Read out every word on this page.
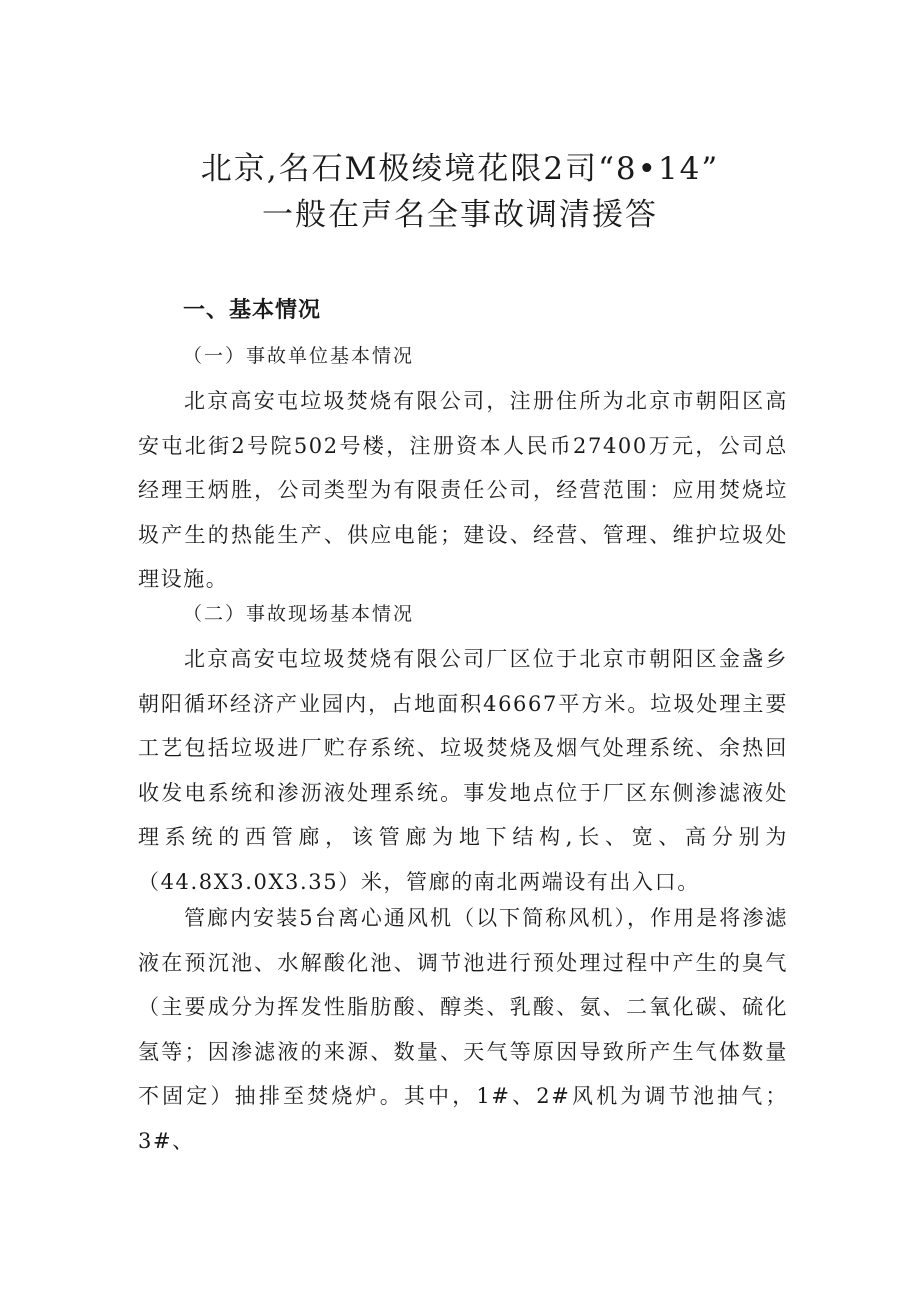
北京,名石M极绫境花限2司“8•14”
一般在声名全事故调清援答
一、基本情况
（一）事故单位基本情况

北京高安屯垃圾焚烧有限公司，注册住所为北京市朝阳区高安屯北街2号院502号楼，注册资本人民币27400万元，公司总经理王炳胜，公司类型为有限责任公司，经营范围：应用焚烧垃圾产生的热能生产、供应电能；建设、经营、管理、维护垃圾处理设施。

（二）事故现场基本情况

北京高安屯垃圾焚烧有限公司厂区位于北京市朝阳区金盏乡朝阳循环经济产业园内，占地面积46667平方米。垃圾处理主要工艺包括垃圾进厂贮存系统、垃圾焚烧及烟气处理系统、余热回收发电系统和渗沥液处理系统。事发地点位于厂区东侧渗滤液处理系统的西管廊，该管廊为地下结构,长、宽、高分别为（44.8X3.0X3.35）米，管廊的南北两端设有出入口。

管廊内安装5台离心通风机（以下简称风机），作用是将渗滤液在预沉池、水解酸化池、调节池进行预处理过程中产生的臭气（主要成分为挥发性脂肪酸、醇类、乳酸、氨、二氧化碳、硫化氢等；因渗滤液的来源、数量、天气等原因导致所产生气体数量不固定）抽排至焚烧炉。其中，1#、2#风机为调节池抽气；3#、
